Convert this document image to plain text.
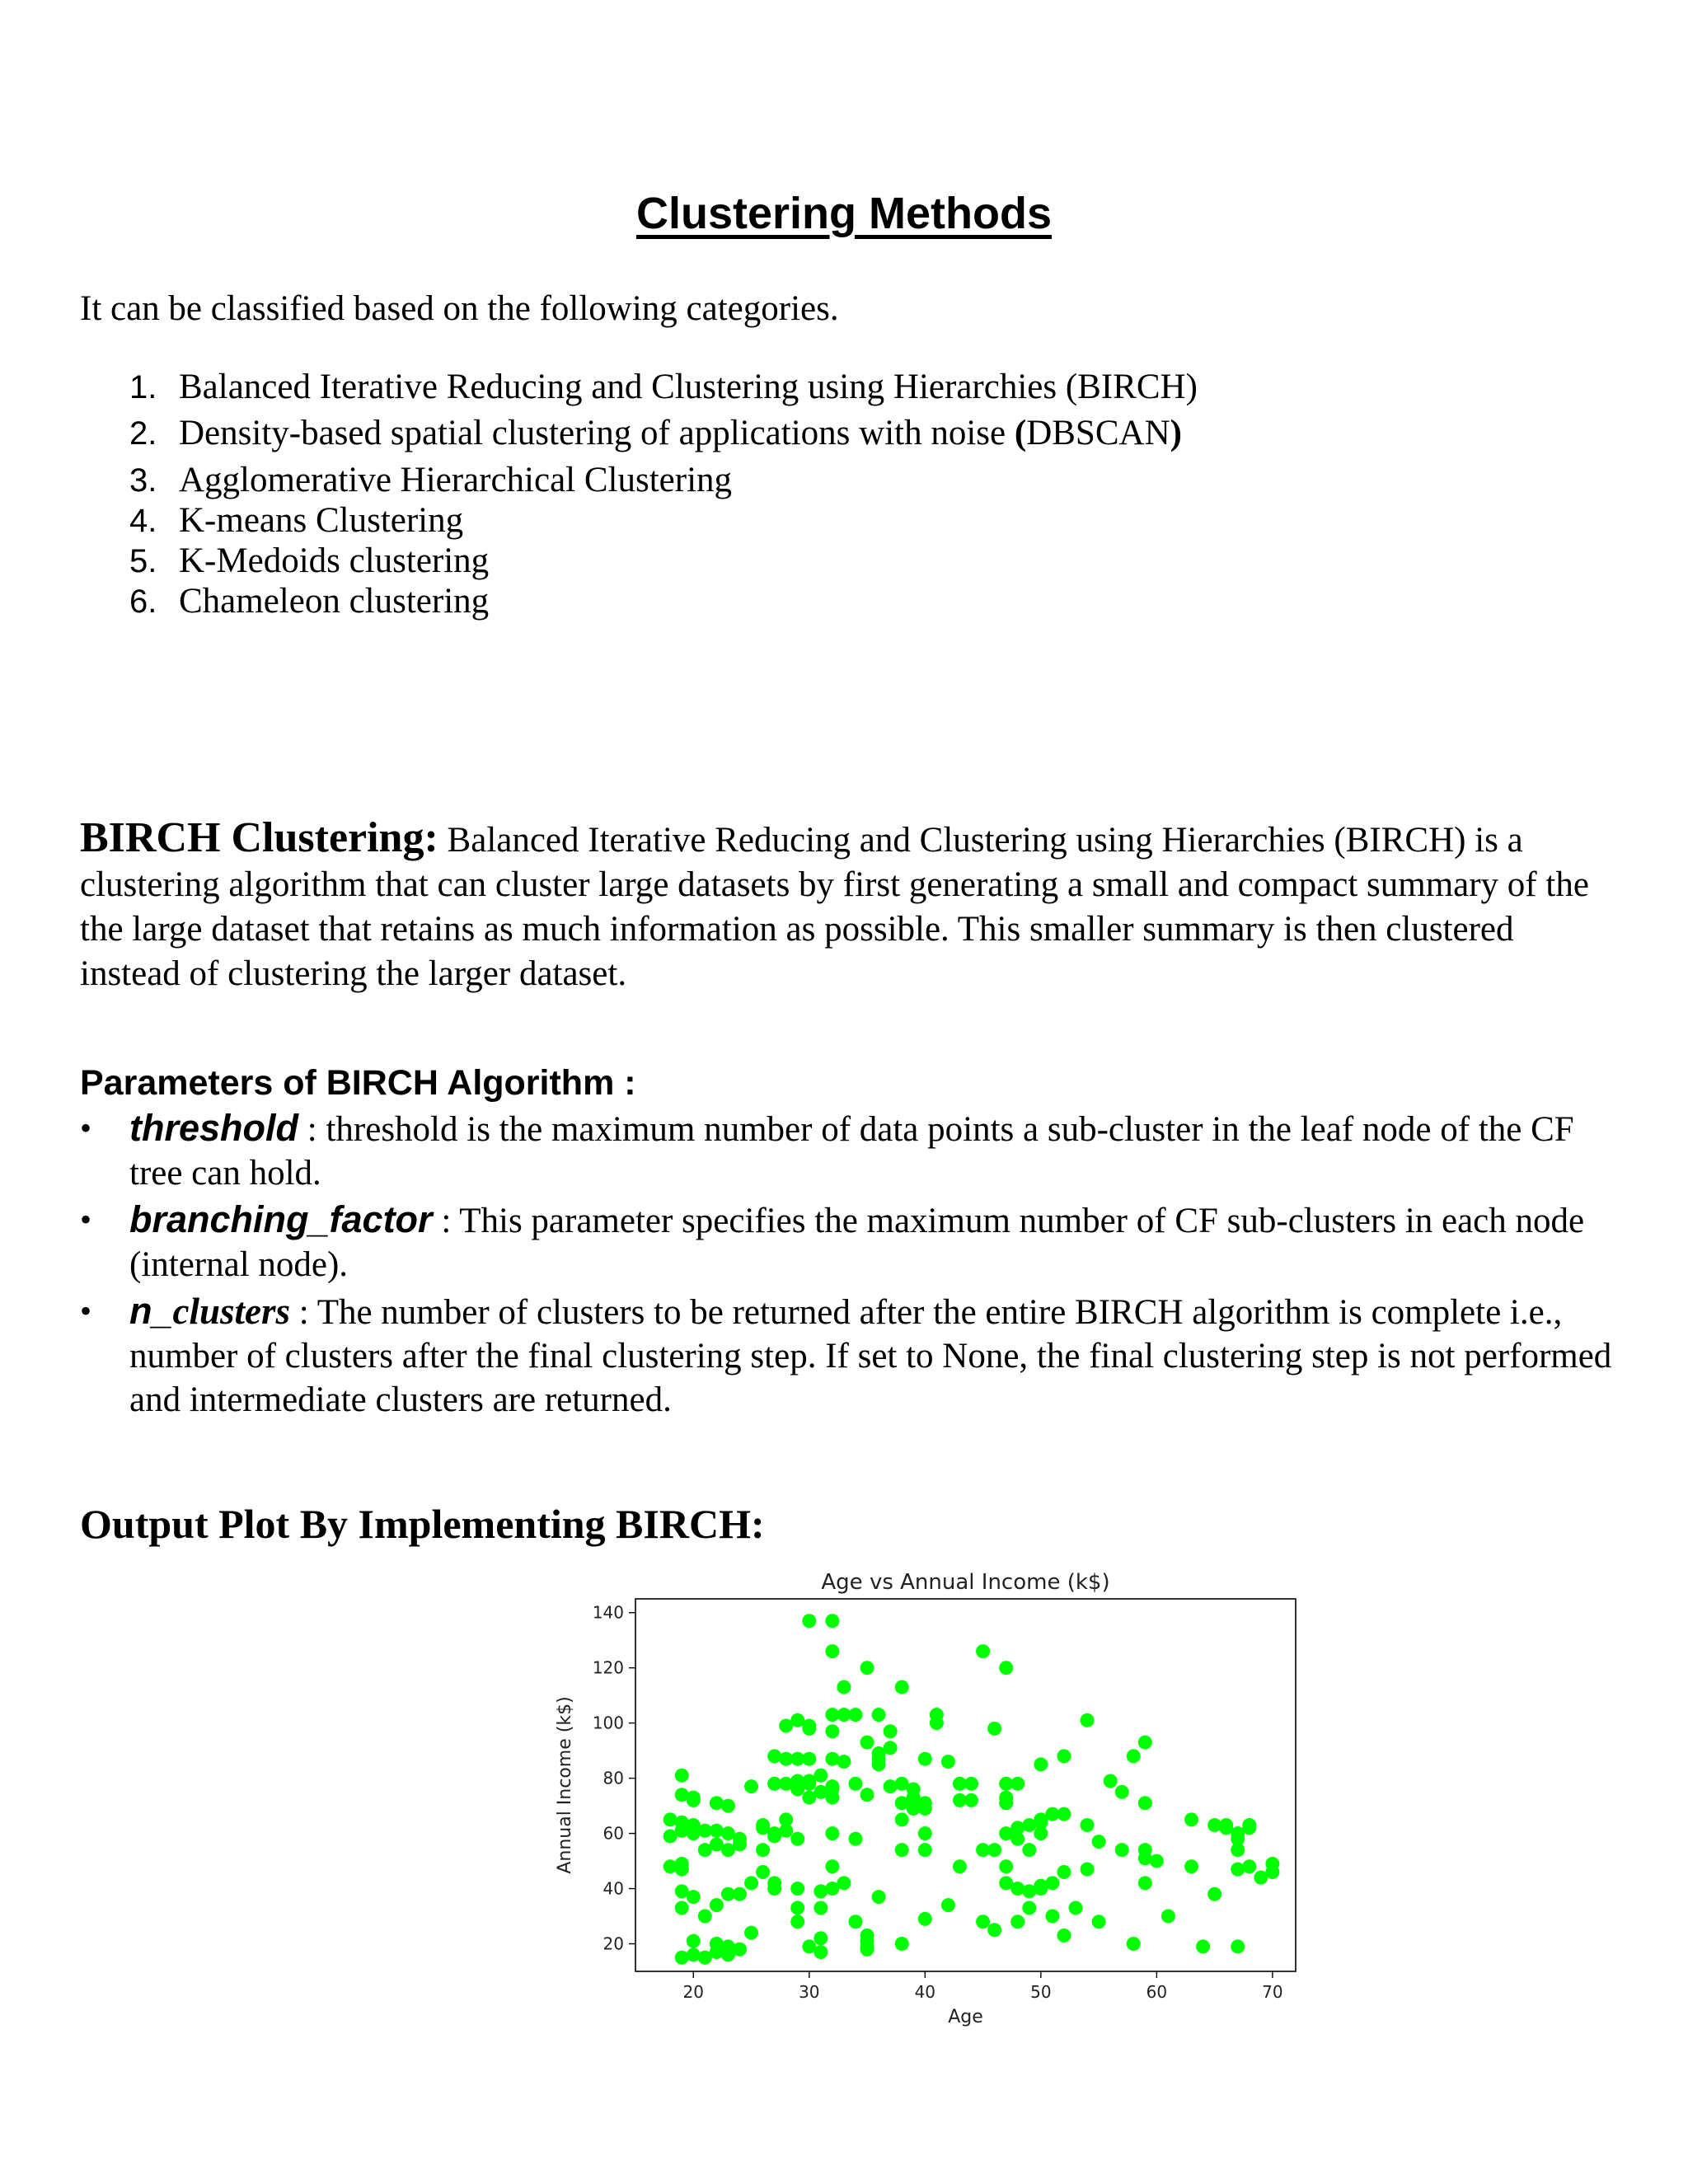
Clustering Methods
It can be classified based on the following categories.
1. Balanced Iterative Reducing and Clustering using Hierarchies (BIRCH)
2. Density-based spatial clustering of applications with noise (DBSCAN)
3. Agglomerative Hierarchical Clustering
4. K-means Clustering
5. K-Medoids clustering
6. Chameleon clustering
BIRCH Clustering: Balanced Iterative Reducing and Clustering using Hierarchies (BIRCH) is a clustering algorithm that can cluster large datasets by first generating a small and compact summary of the the large dataset that retains as much information as possible. This smaller summary is then clustered instead of clustering the larger dataset.
Parameters of BIRCH Algorithm :
• threshold : threshold is the maximum number of data points a sub-cluster in the leaf node of the CF tree can hold.
• branching_factor : This parameter specifies the maximum number of CF sub-clusters in each node (internal node).
• n_clusters : The number of clusters to be returned after the entire BIRCH algorithm is complete i.e., number of clusters after the final clustering step. If set to None, the final clustering step is not performed and intermediate clusters are returned.
Output Plot By Implementing BIRCH:
Age vs Annual Income (k$)
20	30	40	50	60	70
20
40
60
80
100
120
140
Age
Annual Income (k$)
